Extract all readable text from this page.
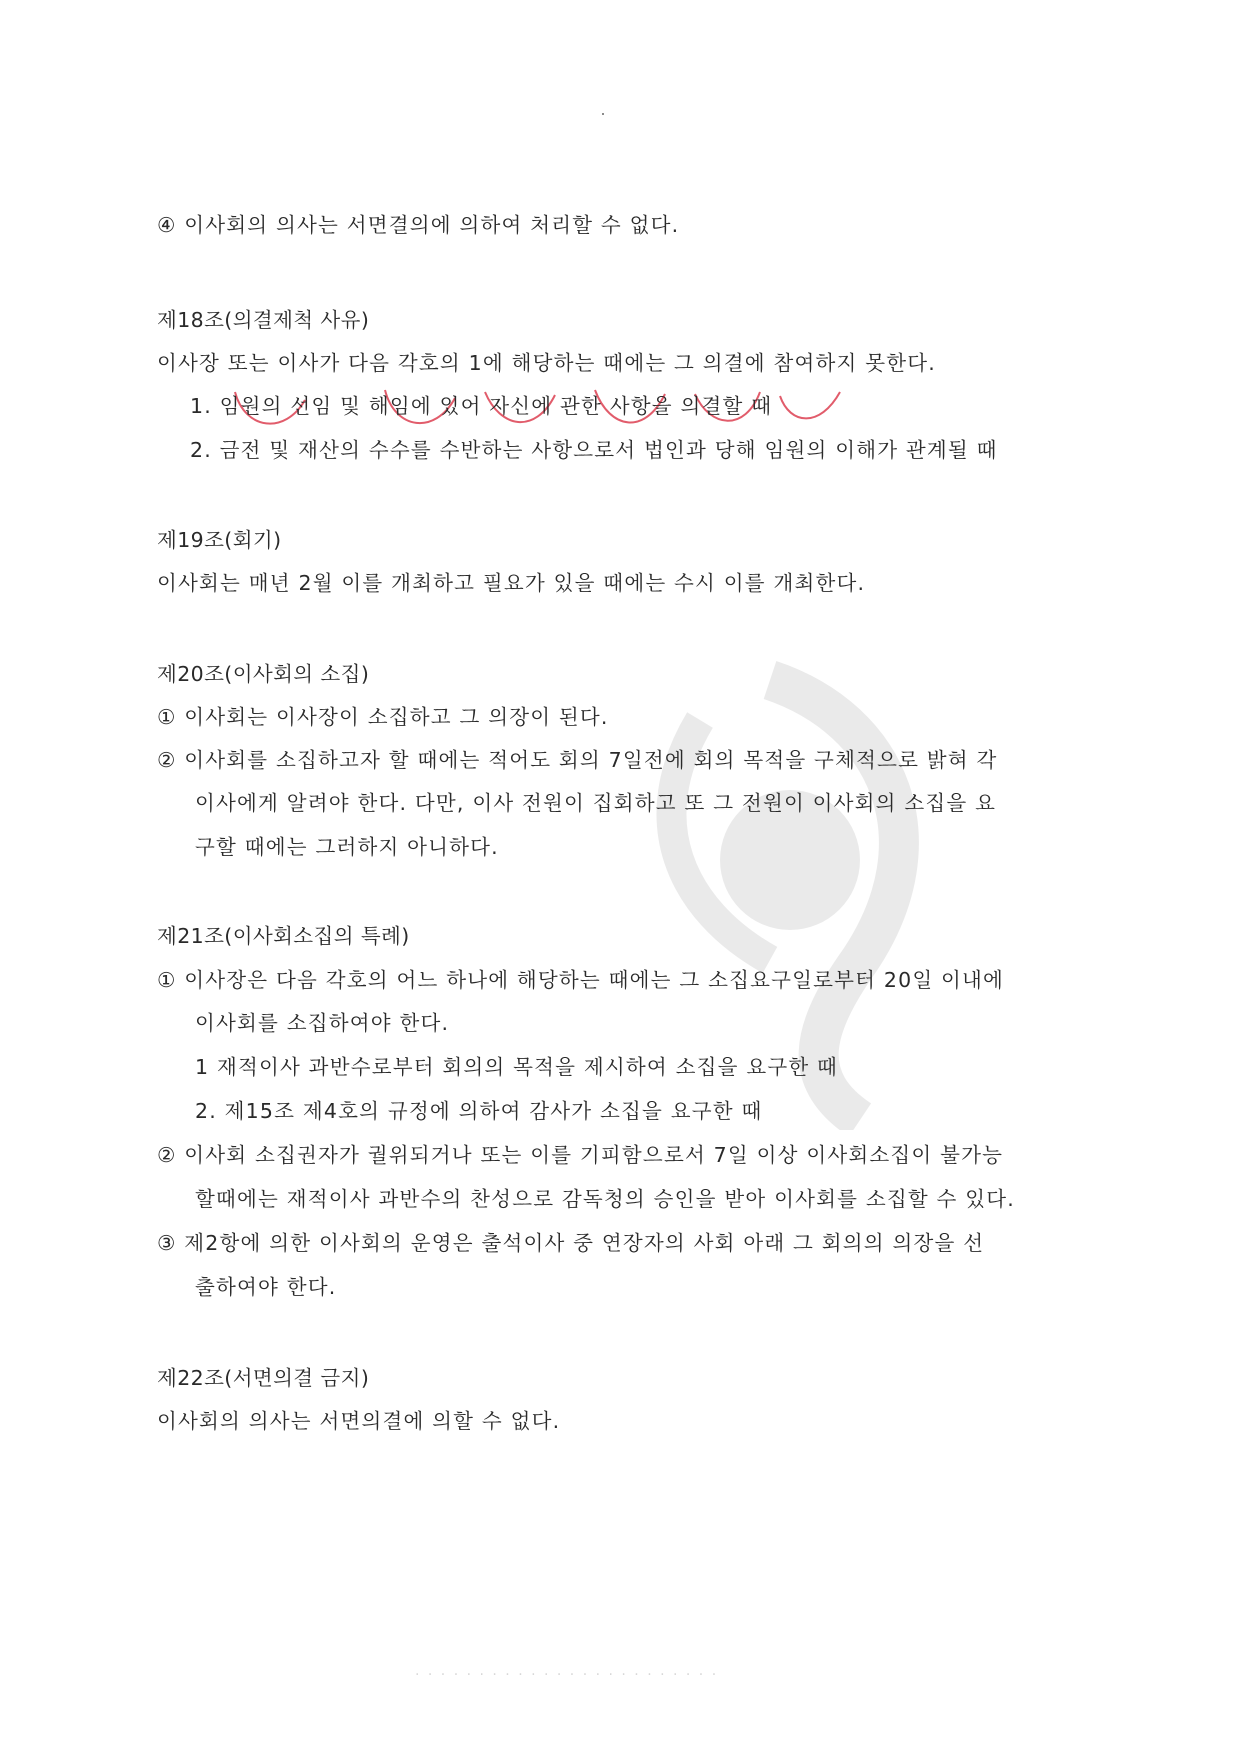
④ 이사회의 의사는 서면결의에 의하여 처리할 수 없다.
제18조(의결제척 사유)
이사장 또는 이사가 다음 각호의 1에 해당하는 때에는 그 의결에 참여하지 못한다.
1. 임원의 선임 및 해임에 있어 자신에 관한 사항을 의결할 때
2. 금전 및 재산의 수수를 수반하는 사항으로서 법인과 당해 임원의 이해가 관계될 때
제19조(회기)
이사회는 매년 2월 이를 개최하고 필요가 있을 때에는 수시 이를 개최한다.
제20조(이사회의 소집)
① 이사회는 이사장이 소집하고 그 의장이 된다.
② 이사회를 소집하고자 할 때에는 적어도 회의 7일전에 회의 목적을 구체적으로 밝혀 각
이사에게 알려야 한다. 다만, 이사 전원이 집회하고 또 그 전원이 이사회의 소집을 요
구할 때에는 그러하지 아니하다.
제21조(이사회소집의 특례)
① 이사장은 다음 각호의 어느 하나에 해당하는 때에는 그 소집요구일로부터 20일 이내에
이사회를 소집하여야 한다.
1 재적이사 과반수로부터 회의의 목적을 제시하여 소집을 요구한 때
2. 제15조 제4호의 규정에 의하여 감사가 소집을 요구한 때
② 이사회 소집권자가 궐위되거나 또는 이를 기피함으로서 7일 이상 이사회소집이 불가능
할때에는 재적이사 과반수의 찬성으로 감독청의 승인을 받아 이사회를 소집할 수 있다.
③ 제2항에 의한 이사회의 운영은 출석이사 중 연장자의 사회 아래 그 회의의 의장을 선
출하여야 한다.
제22조(서면의결 금지)
이사회의 의사는 서면의결에 의할 수 없다.
· · · · · · · · · · · · · · · · · · · · · · · ·
